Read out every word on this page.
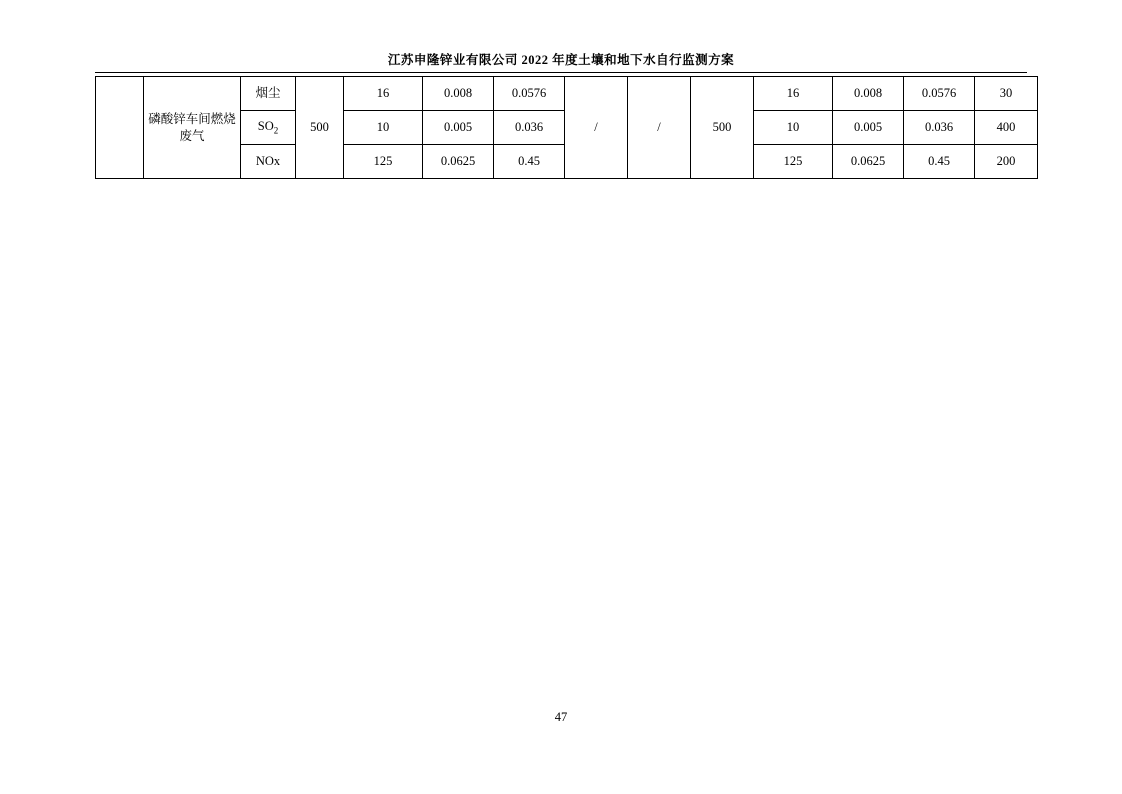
江苏申隆锌业有限公司 2022 年度土壤和地下水自行监测方案
	磷酸锌车间燃烧废气	烟尘	500	16	0.008	0.0576	/	/	500	16	0.008	0.0576	30
		$SO_2$		10	0.005	0.036				10	0.005	0.036	400
		NOx		125	0.0625	0.45				125	0.0625	0.45	200
47
